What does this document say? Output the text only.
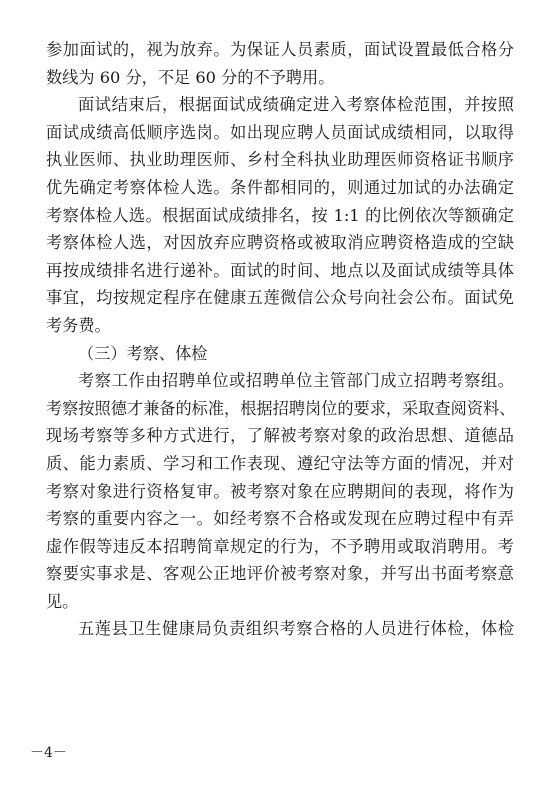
参加面试的，视为放弃。为保证人员素质，面试设置最低合格分
数线为 60 分，不足 60 分的不予聘用。
面试结束后，根据面试成绩确定进入考察体检范围，并按照
面试成绩高低顺序选岗。如出现应聘人员面试成绩相同，以取得
执业医师、执业助理医师、乡村全科执业助理医师资格证书顺序
优先确定考察体检人选。条件都相同的，则通过加试的办法确定
考察体检人选。根据面试成绩排名，按 1:1 的比例依次等额确定
考察体检人选，对因放弃应聘资格或被取消应聘资格造成的空缺
再按成绩排名进行递补。面试的时间、地点以及面试成绩等具体
事宜，均按规定程序在健康五莲微信公众号向社会公布。面试免
考务费。
（三）考察、体检
考察工作由招聘单位或招聘单位主管部门成立招聘考察组。
考察按照德才兼备的标准，根据招聘岗位的要求，采取查阅资料、
现场考察等多种方式进行，了解被考察对象的政治思想、道德品
质、能力素质、学习和工作表现、遵纪守法等方面的情况，并对
考察对象进行资格复审。被考察对象在应聘期间的表现，将作为
考察的重要内容之一。如经考察不合格或发现在应聘过程中有弄
虚作假等违反本招聘简章规定的行为，不予聘用或取消聘用。考
察要实事求是、客观公正地评价被考察对象，并写出书面考察意
见。
五莲县卫生健康局负责组织考察合格的人员进行体检，体检
－4－
